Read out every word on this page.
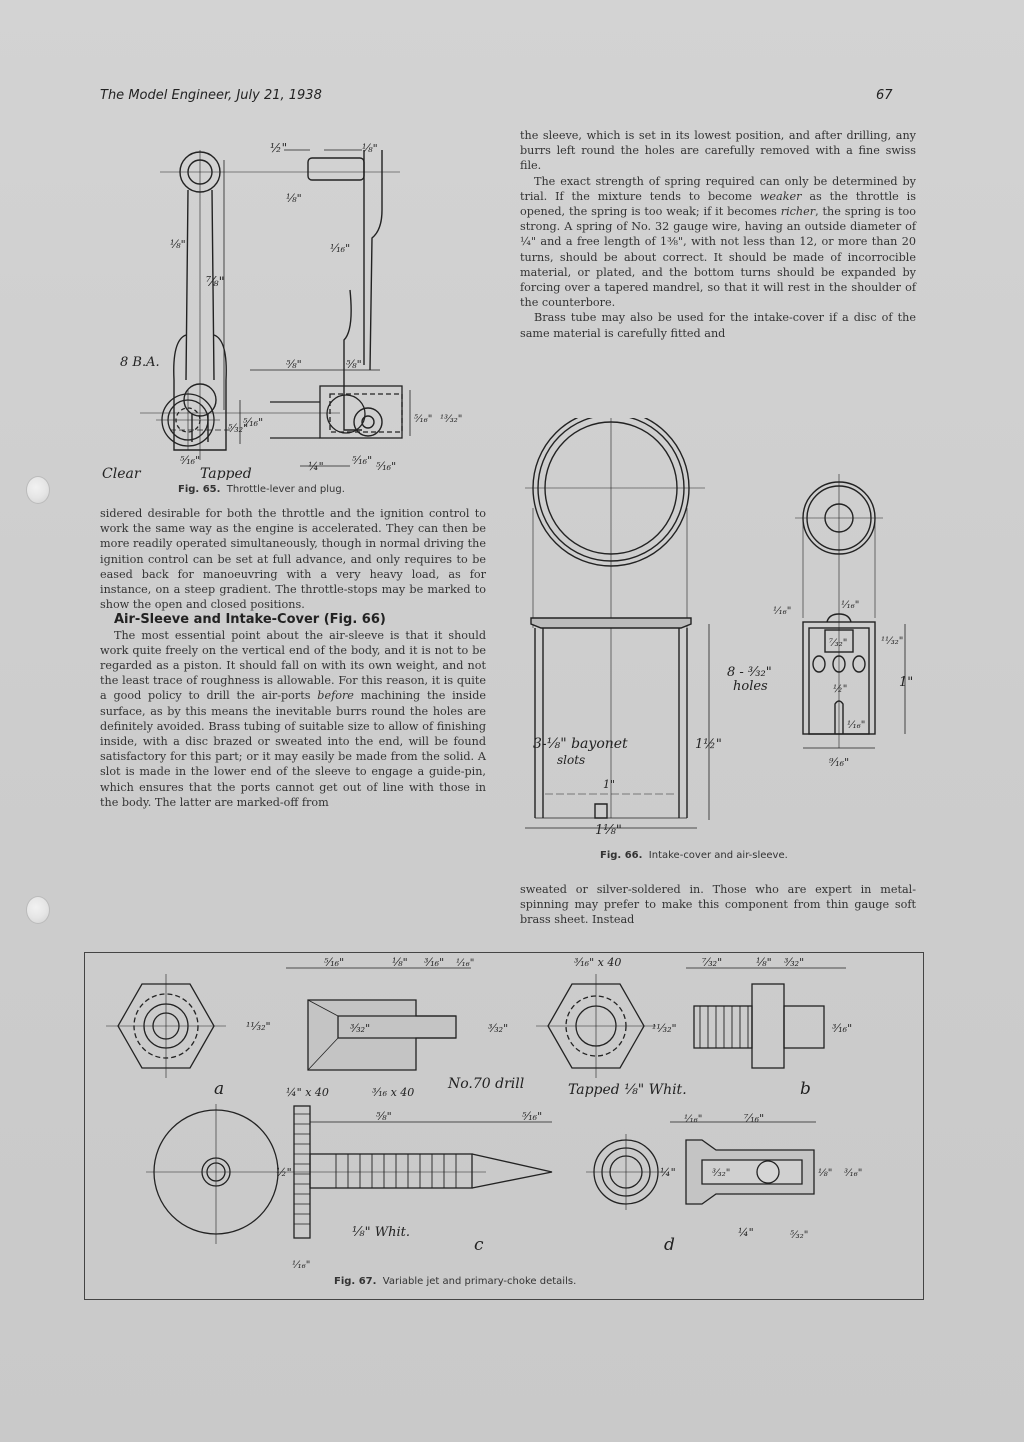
The Model Engineer, July 21, 1938	67
½"	⅛"
⅛"
⅛"
⅞"
¹⁄₁₆"
⁵⁄₃₂"
⁵⁄₁₆"	⁵⁄₁₆"
Clear	Tapped
8 B.A.	⅝"	⅝"
⁵⁄₁₆"	⁵⁄₁₆" ¹³⁄₃₂"
¼"	⁵⁄₁₆"
Fig. 65. Throttle-lever and plug.

sidered desirable for both the throttle and the ignition control to work the same way as the engine is accelerated. They can then be more readily operated simultaneously, though in normal driving the ignition control can be set at full advance, and only requires to be eased back for manoeuvring with a very heavy load, as for instance, on a steep gradient. The throttle-stops may be marked to show the open and closed positions.

Air-Sleeve and Intake-Cover (Fig. 66)

The most essential point about the air-sleeve is that it should work quite freely on the vertical end of the body, and it is not to be regarded as a piston. It should fall on with its own weight, and not the least trace of roughness is allowable. For this reason, it is quite a good policy to drill the air-ports before machining the inside surface, as by this means the inevitable burrs round the holes are definitely avoided. Brass tubing of suitable size to allow of finishing inside, with a disc brazed or sweated into the end, will be found satisfactory for this part; or it may easily be made from the solid. A slot is made in the lower end of the sleeve to engage a guide-pin, which ensures that the ports cannot get out of line with those in the body. The latter are marked-off from

the sleeve, which is set in its lowest position, and after drilling, any burrs left round the holes are carefully removed with a fine swiss file.

The exact strength of spring required can only be determined by trial. If the mixture tends to become weaker as the throttle is opened, the spring is too weak; if it becomes richer, the spring is too strong. A spring of No. 32 gauge wire, having an outside diameter of ¼" and a free length of 1⅜", with not less than 12, or more than 20 turns, should be about correct. It should be made of incorrocible material, or plated, and the bottom turns should be expanded by forcing over a tapered mandrel, so that it will rest in the shoulder of the counterbore.

Brass tube may also be used for the intake-cover if a disc of the same material is carefully fitted and

3-⅛" bayonet
slots
1"
1½"
1⅛"
8 - ³⁄₃₂"
holes
¹⁄₁₆"
¹⁄₁₆"
⁷⁄₃₂"	¹¹⁄₃₂"
½"	1"
¹⁄₁₆"
⁹⁄₁₆"
Fig. 66. Intake-cover and air-sleeve.

sweated or silver-soldered in. Those who are expert in metal-spinning may prefer to make this component from thin gauge soft brass sheet. Instead

a	b
c	d
⁵⁄₁₆"	⅛" ³⁄₁₆" ¹⁄₁₆"
¹¹⁄₃₂"	³⁄₃₂"	³⁄₃₂"
No.70 drill
¼" x 40	³⁄₁₆ x 40
³⁄₁₆" x 40	⁷⁄₃₂"	⅛" ³⁄₃₂"
¹¹⁄₃₂"	³⁄₁₆"
Tapped ⅛" Whit.
⅝"	⁵⁄₁₆"
½"
⅛" Whit.
¹⁄₁₆"
¹⁄₁₆"	⁷⁄₁₆"
¼"	³⁄₃₂"	⅛" ³⁄₁₆"
¼"	⁵⁄₃₂"
Fig. 67. Variable jet and primary-choke details.
